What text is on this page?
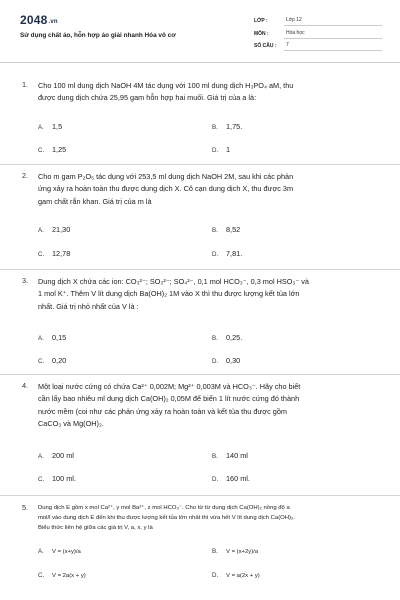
2048.vn
Sử dụng chất áo, hỗn hợp áo giải nhanh Hóa vô cơ
LỚP :	Lớp 12
MÔN :	Hóa học
SỐ CÂU :	7
1. Cho 100 ml dung dịch NaOH 4M tác dụng với 100 ml dung dịch H₃PO₄ aM, thu
được dung dịch chứa 25,95 gam hỗn hợp hai muối. Giá trị của a là:
A. 1,5	B. 1,75.
C. 1,25	D. 1
2. Cho m gam P₂O₅ tác dụng với 253,5 ml dung dịch NaOH 2M, sau khi các phản
ứng xảy ra hoàn toàn thu được dung dịch X. Cô cạn dung dịch X, thu được 3m
gam chất rắn khan. Giá trị của m là
A. 21,30	B. 8,52
C. 12,78	D. 7,81.
3. Dung dịch X chứa các ion: CO₃²⁻; SO₃²⁻; SO₄²⁻, 0,1 mol HCO₃⁻, 0,3 mol HSO₃⁻ và
1 mol K⁺. Thêm V lít dung dịch Ba(OH)₂ 1M vào X thì thu được lượng kết tủa lớn
nhất. Giá trị nhỏ nhất của V là :
A. 0,15	B. 0,25.
C. 0,20	D. 0,30
4. Một loại nước cứng có chứa Ca²⁺ 0,002M; Mg²⁺ 0,003M và HCO₃⁻. Hãy cho biết
cần lấy bao nhiêu ml dung dịch Ca(OH)₂ 0,05M để biến 1 lít nước cứng đó thành
nước mềm (coi như các phản ứng xảy ra hoàn toàn và kết tủa thu được gồm
CaCO₃ và Mg(OH)₂.
A. 200 ml	B. 140 ml
C. 100 ml.	D. 160 ml.
5. Dung dịch E gồm x mol Ca²⁺, y mol Ba²⁺, z mol HCO₃⁻. Cho từ từ dung dịch Ca(OH)₂ nồng độ a
mol/l vào dung dịch E đến khi thu được lượng kết tủa lớn nhất thì vừa hết V lít dung dịch Ca(OH)₂.
Biểu thức liên hệ giữa các giá trị V, a, x, y là
A. V = (x+y)/a	B. V = (x+2y)/a
C. V = 2a(x + y)	D. V = a(2x + y)
